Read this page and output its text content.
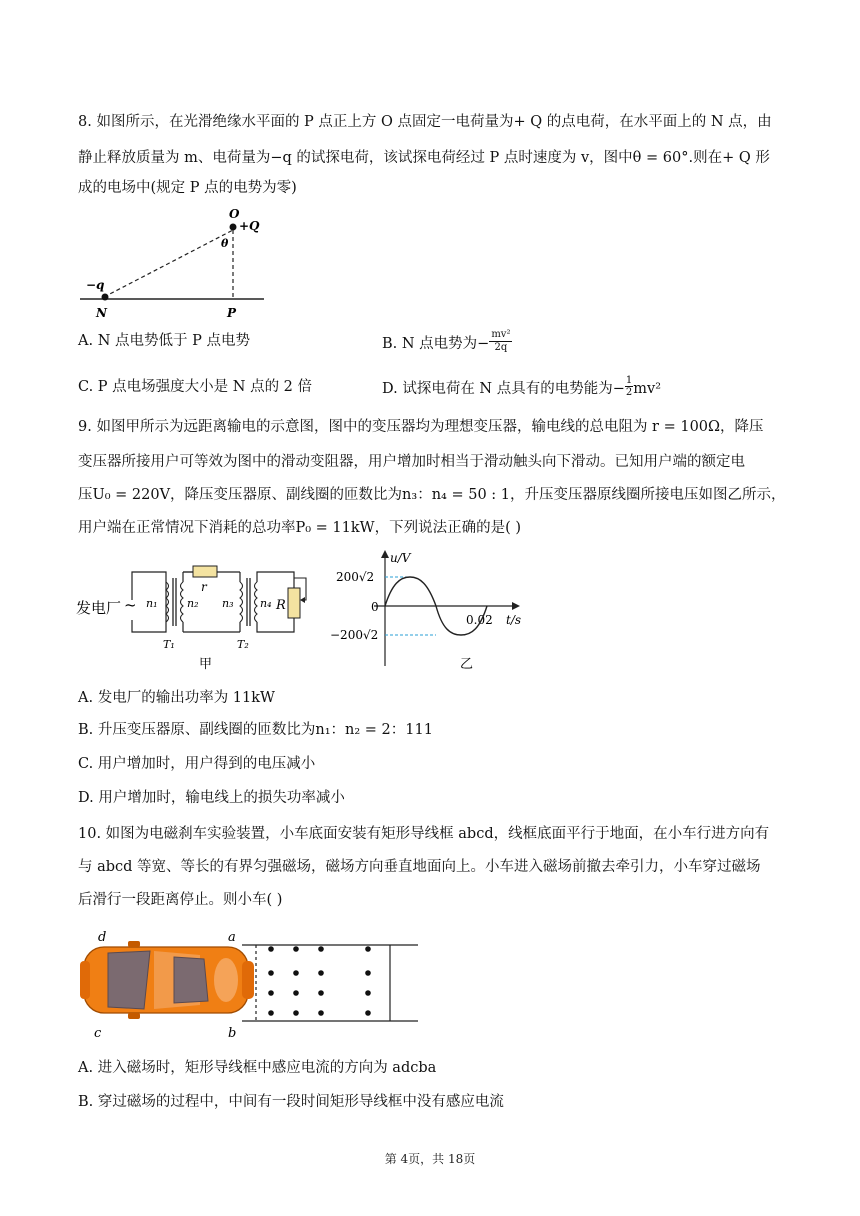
8. 如图所示，在光滑绝缘水平面的 P 点正上方 O 点固定一电荷量为+ Q 的点电荷，在水平面上的 N 点，由
静止释放质量为 m、电荷量为−q 的试探电荷，该试探电荷经过 P 点时速度为 v，图中θ = 60°.则在+ Q 形
成的电场中(规定 P 点的电势为零)
O
+Q
θ
−q
N	P
A. N 点电势低于 P 点电势	B. N 点电势为− $\frac{\text{mv²}}{2q}$
C. P 点电场强度大小是 N 点的 2 倍	D. 试探电荷在 N 点具有的电势能为− $\frac{1}{2} mv^2$
9. 如图甲所示为远距离输电的示意图，图中的变压器均为理想变压器，输电线的总电阻为 r = 100Ω，降压
变压器所接用户可等效为图中的滑动变阻器，用户增加时相当于滑动触头向下滑动。已知用户端的额定电
压U₀ = 220V，降压变压器原、副线圈的匝数比为n₃：n₄ = 50 : 1，升压变压器原线圈所接电压如图乙所示，
用户端在正常情况下消耗的总功率P₀ = 11kW，下列说法正确的是( )
发电厂 ~ n₁
r
n₂ n₃ n₄ R
T₁	T₂
甲
u/V
t/s
200√2
0
−200√2
0.02
乙
A. 发电厂的输出功率为 11kW
B. 升压变压器原、副线圈的匝数比为n₁：n₂ = 2：111
C. 用户增加时，用户得到的电压减小
D. 用户增加时，输电线上的损失功率减小
10. 如图为电磁刹车实验装置，小车底面安装有矩形导线框 abcd，线框底面平行于地面，在小车行进方向有
与 abcd 等宽、等长的有界匀强磁场，磁场方向垂直地面向上。小车进入磁场前撤去牵引力，小车穿过磁场
后滑行一段距离停止。则小车( )
d	a
c	b
A. 进入磁场时，矩形导线框中感应电流的方向为 adcba
B. 穿过磁场的过程中，中间有一段时间矩形导线框中没有感应电流
第 4页，共 18页
